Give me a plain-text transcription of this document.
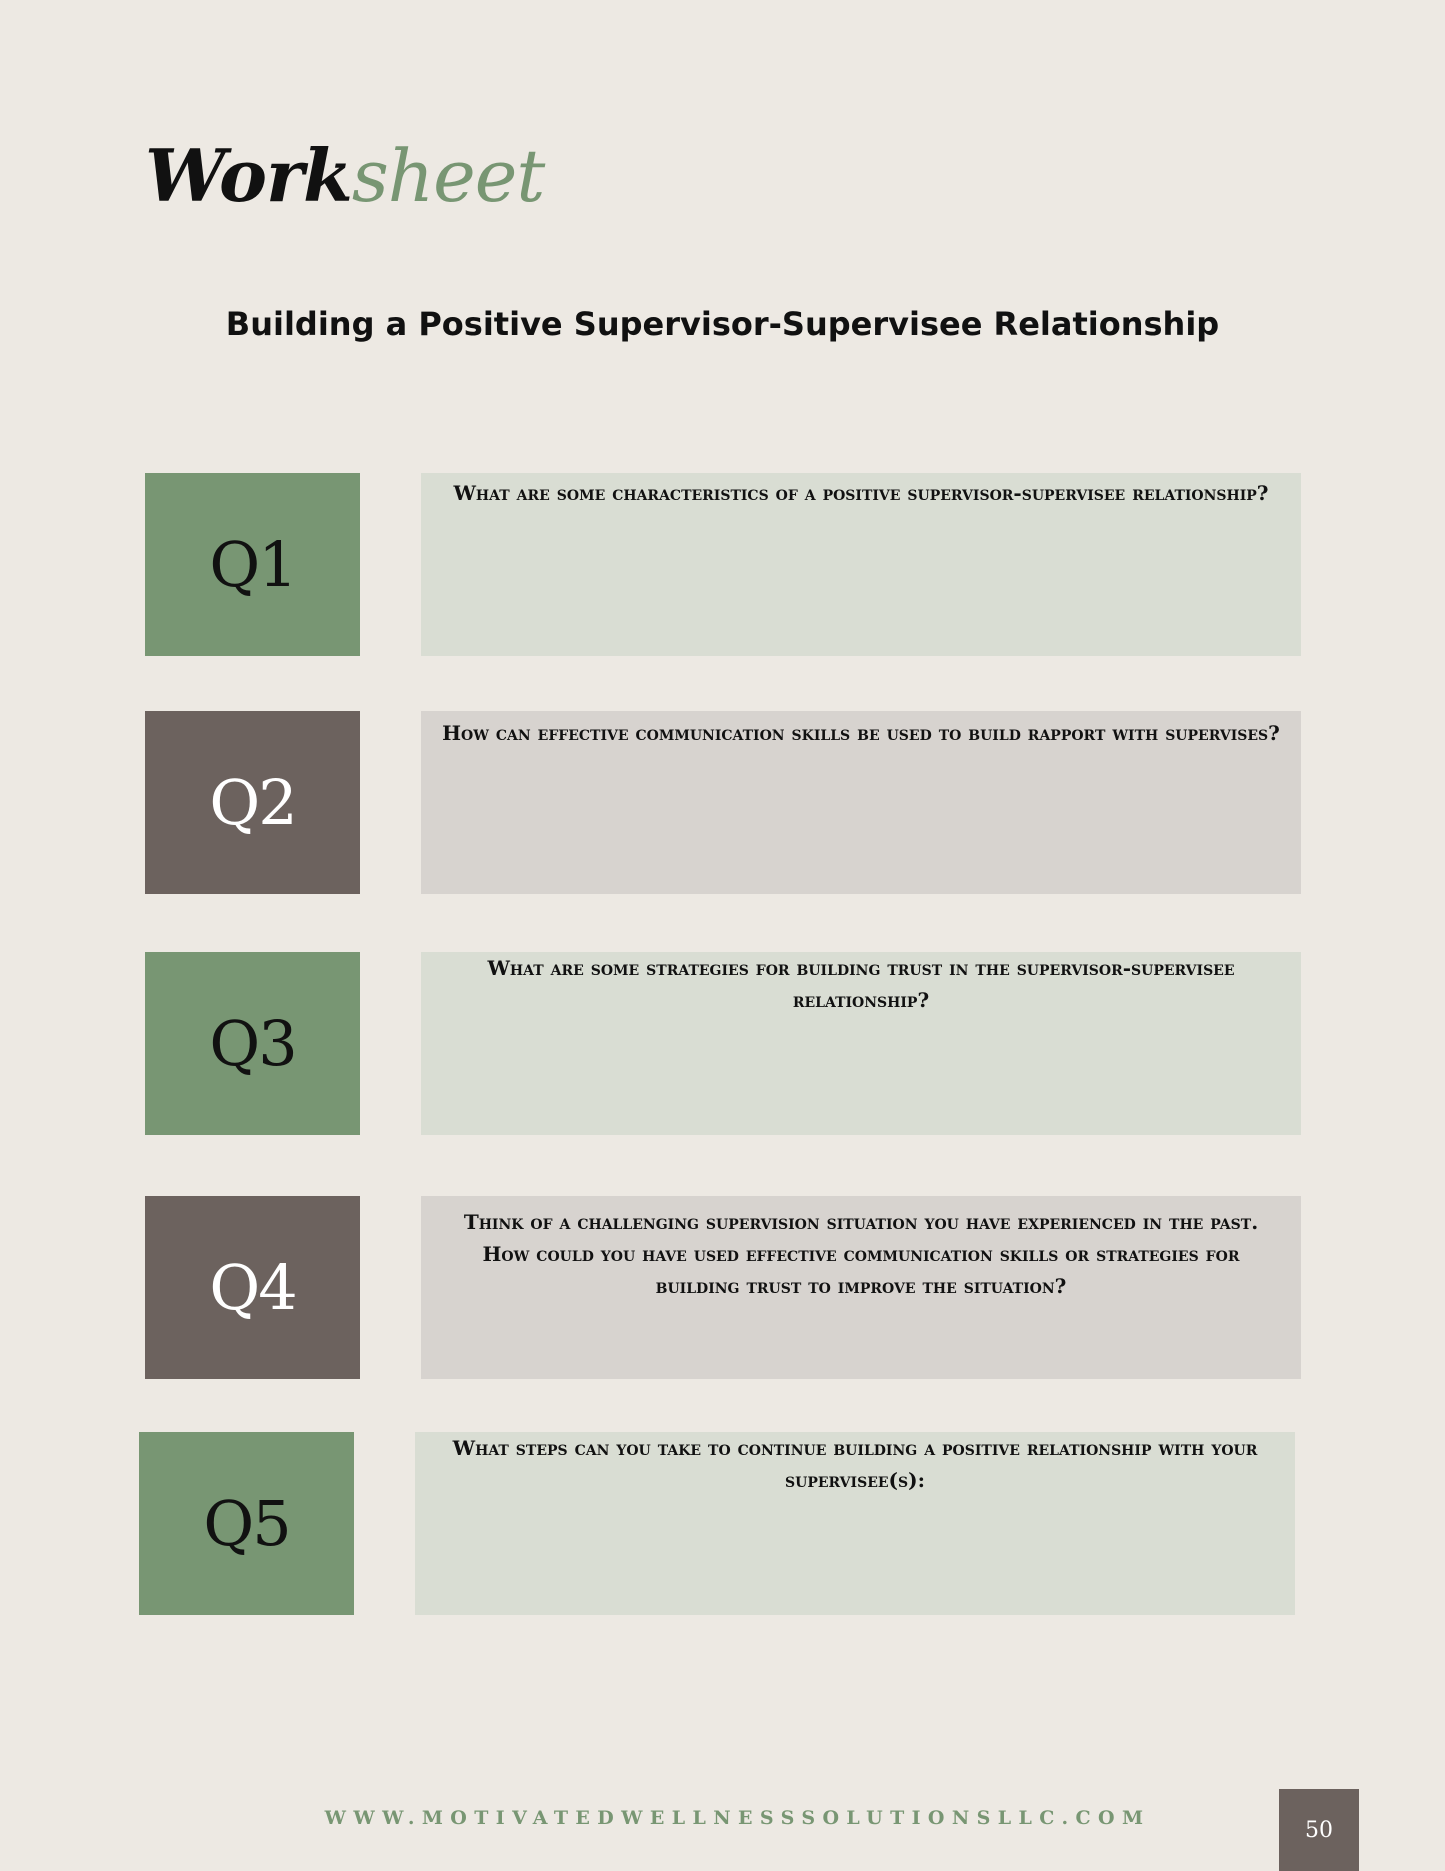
Worksheet
Building a Positive Supervisor-Supervisee Relationship
Q1

What are some characteristics of a positive supervisor-supervisee relationship?

Q2

How can effective communication skills be used to build rapport with supervises?

Q3

What are some strategies for building trust in the supervisor-supervisee relationship?

Q4

Think of a challenging supervision situation you have experienced in the past. How could you have used effective communication skills or strategies for building trust to improve the situation?

Q5

What steps can you take to continue building a positive relationship with your supervisee(s):

WWW.MOTIVATEDWELLNESSSOLUTIONSLLC.COM	50
